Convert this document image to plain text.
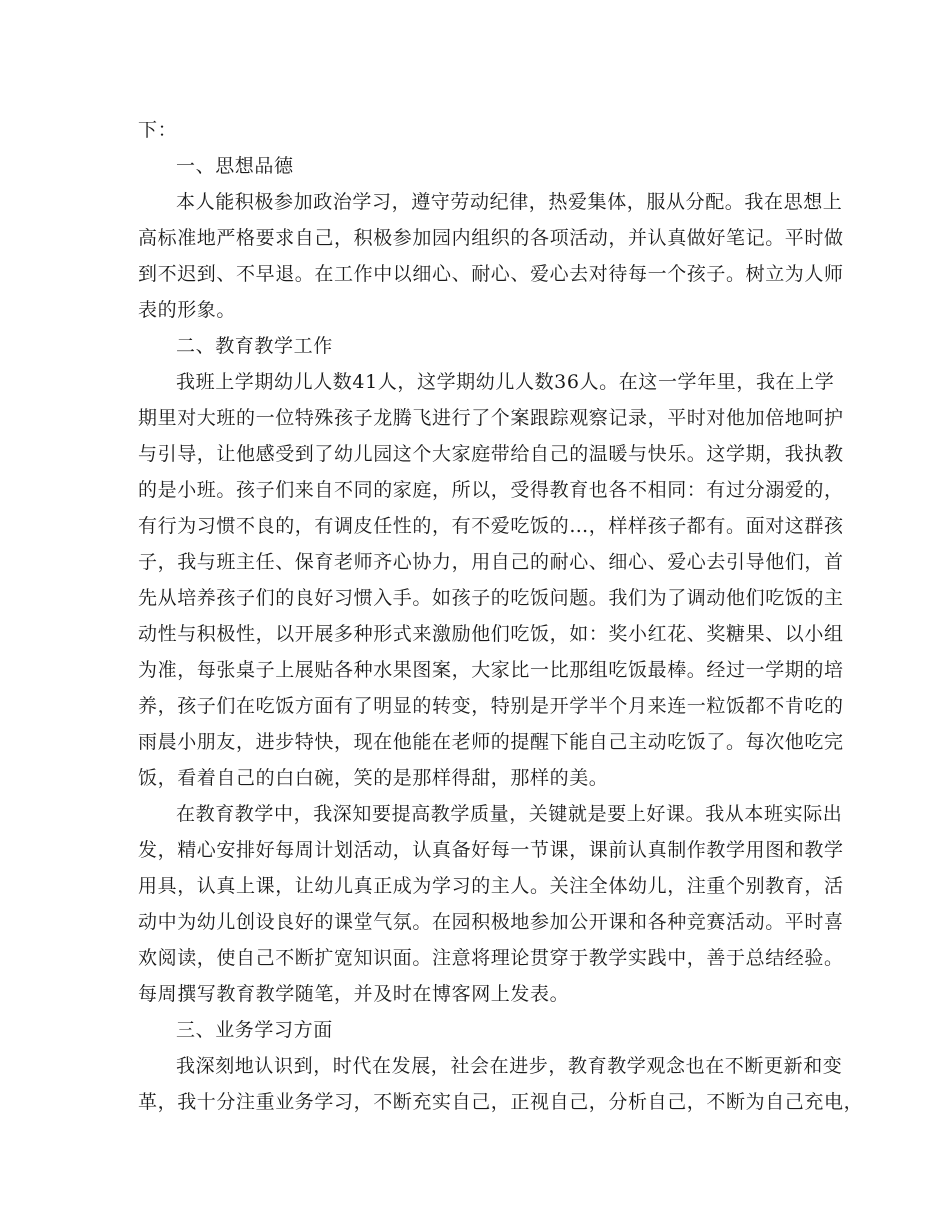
下：
一、思想品德
本人能积极参加政治学习，遵守劳动纪律，热爱集体，服从分配。我在思想上
高标准地严格要求自己，积极参加园内组织的各项活动，并认真做好笔记。平时做
到不迟到、不早退。在工作中以细心、耐心、爱心去对待每一个孩子。树立为人师
表的形象。
二、教育教学工作
我班上学期幼儿人数41人，这学期幼儿人数36人。在这一学年里，我在上学
期里对大班的一位特殊孩子龙腾飞进行了个案跟踪观察记录，平时对他加倍地呵护
与引导，让他感受到了幼儿园这个大家庭带给自己的温暖与快乐。这学期，我执教
的是小班。孩子们来自不同的家庭，所以，受得教育也各不相同：有过分溺爱的，
有行为习惯不良的，有调皮任性的，有不爱吃饭的…，样样孩子都有。面对这群孩
子，我与班主任、保育老师齐心协力，用自己的耐心、细心、爱心去引导他们，首
先从培养孩子们的良好习惯入手。如孩子的吃饭问题。我们为了调动他们吃饭的主
动性与积极性，以开展多种形式来激励他们吃饭，如：奖小红花、奖糖果、以小组
为准，每张桌子上展贴各种水果图案，大家比一比那组吃饭最棒。经过一学期的培
养，孩子们在吃饭方面有了明显的转变，特别是开学半个月来连一粒饭都不肯吃的
雨晨小朋友，进步特快，现在他能在老师的提醒下能自己主动吃饭了。每次他吃完
饭，看着自己的白白碗，笑的是那样得甜，那样的美。
在教育教学中，我深知要提高教学质量，关键就是要上好课。我从本班实际出
发，精心安排好每周计划活动，认真备好每一节课，课前认真制作教学用图和教学
用具，认真上课，让幼儿真正成为学习的主人。关注全体幼儿，注重个别教育，活
动中为幼儿创设良好的课堂气氛。在园积极地参加公开课和各种竞赛活动。平时喜
欢阅读，使自己不断扩宽知识面。注意将理论贯穿于教学实践中，善于总结经验。
每周撰写教育教学随笔，并及时在博客网上发表。
三、业务学习方面
我深刻地认识到，时代在发展，社会在进步，教育教学观念也在不断更新和变
革，我十分注重业务学习，不断充实自己，正视自己，分析自己，不断为自己充电，
